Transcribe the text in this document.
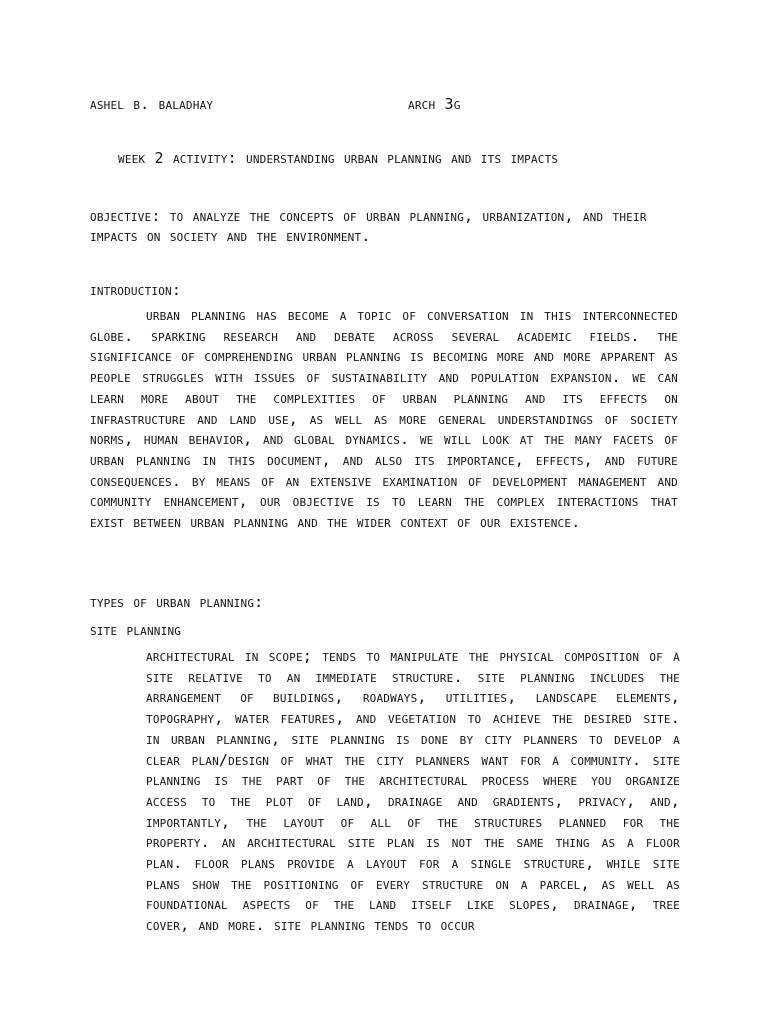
ashel b. baladhay	arch 3g
week 2 activity: understanding urban planning and its impacts
objective: to analyze the concepts of urban planning, urbanization, and their impacts on society and the environment.
introduction:
urban planning has become a topic of conversation in this interconnected globe. sparking research and debate across several academic fields. the significance of comprehending urban planning is becoming more and more apparent as people struggles with issues of sustainability and population expansion. we can learn more about the complexities of urban planning and its effects on infrastructure and land use, as well as more general understandings of society norms, human behavior, and global dynamics. we will look at the many facets of urban planning in this document, and also its importance, effects, and future consequences. by means of an extensive examination of development management and community enhancement, our objective is to learn the complex interactions that exist between urban planning and the wider context of our existence.
types of urban planning:
site planning
architectural in scope; tends to manipulate the physical composition of a site relative to an immediate structure. site planning includes the arrangement of buildings, roadways, utilities, landscape elements, topography, water features, and vegetation to achieve the desired site. in urban planning, site planning is done by city planners to develop a clear plan/design of what the city planners want for a community. site planning is the part of the architectural process where you organize access to the plot of land, drainage and gradients, privacy, and, importantly, the layout of all of the structures planned for the property. an architectural site plan is not the same thing as a floor plan. floor plans provide a layout for a single structure, while site plans show the positioning of every structure on a parcel, as well as foundational aspects of the land itself like slopes, drainage, tree cover, and more. site planning tends to occur
